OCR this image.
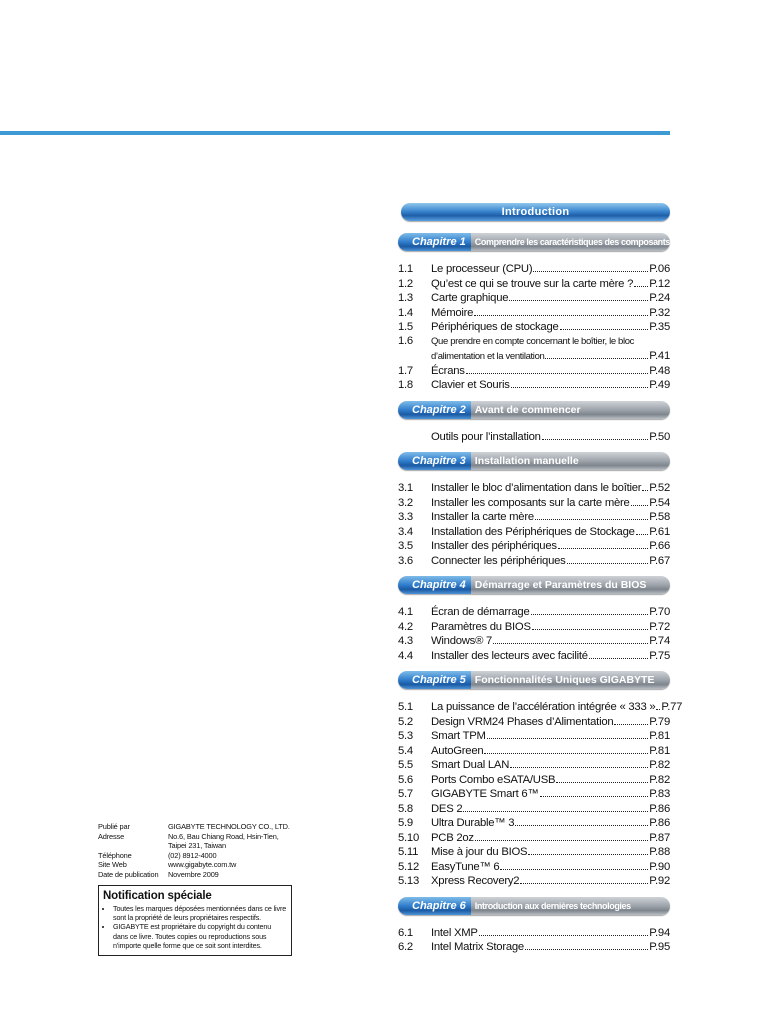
Introduction
Chapitre 1 Comprendre les caractéristiques des composants
1.1	Le processeur (CPU)	P.06
1.2	Qu’est ce qui se trouve sur la carte mère ? P.12
1.3	Carte graphique	P.24
1.4	Mémoire	P.32
1.5	Périphériques de stockage	P.35
1.6	Que prendre en compte concernant le boîtier, le bloc
d’alimentation et la ventilation	P.41
1.7	Écrans	P.48
1.8	Clavier et Souris	P.49
Chapitre 2 Avant de commencer
Outils pour l’installation	P.50
Chapitre 3 Installation manuelle
3.1	Installer le bloc d’alimentation dans le boîtier P.52
3.2	Installer les composants sur la carte mère P.54
3.3	Installer la carte mère	P.58
3.4	Installation des Périphériques de Stockage P.61
3.5	Installer des périphériques	P.66
3.6	Connecter les périphériques	P.67
Chapitre 4 Démarrage et Paramètres du BIOS
4.1	Écran de démarrage	P.70
4.2	Paramètres du BIOS	P.72
4.3	Windows® 7	P.74
4.4	Installer des lecteurs avec facilité	P.75
Chapitre 5 Fonctionnalités Uniques GIGABYTE
5.1	La puissance de l’accélération intégrée « 333 » P.77
5.2	Design VRM24 Phases d’Alimentation	P.79
5.3	Smart TPM	P.81
5.4	AutoGreen	P.81
5.5	Smart Dual LAN	P.82
5.6	Ports Combo eSATA/USB	P.82
5.7	GIGABYTE Smart 6™	P.83
5.8	DES 2	P.86
5.9	Ultra Durable™ 3	P.86
5.10	PCB 2oz	P.87
5.11	Mise à jour du BIOS	P.88
5.12	EasyTune™ 6	P.90
5.13	Xpress Recovery2	P.92
Chapitre 6 Introduction aux dernières technologies
6.1	Intel XMP	P.94
6.2	Intel Matrix Storage	P.95
Publié par	GIGABYTE TECHNOLOGY CO., LTD.
Adresse	No.6, Bau Chiang Road, Hsin-Tien, Taipei 231, Taiwan
Téléphone	(02) 8912-4000
Site Web	www.gigabyte.com.tw
Date de publication	Novembre 2009
Notification spéciale
• Toutes les marques déposées mentionnées dans ce livre sont la propriété de leurs propriétaires respectifs.
• GIGABYTE est propriétaire du copyright du contenu dans ce livre. Toutes copies ou reproductions sous n'importe quelle forme que ce soit sont interdites.
